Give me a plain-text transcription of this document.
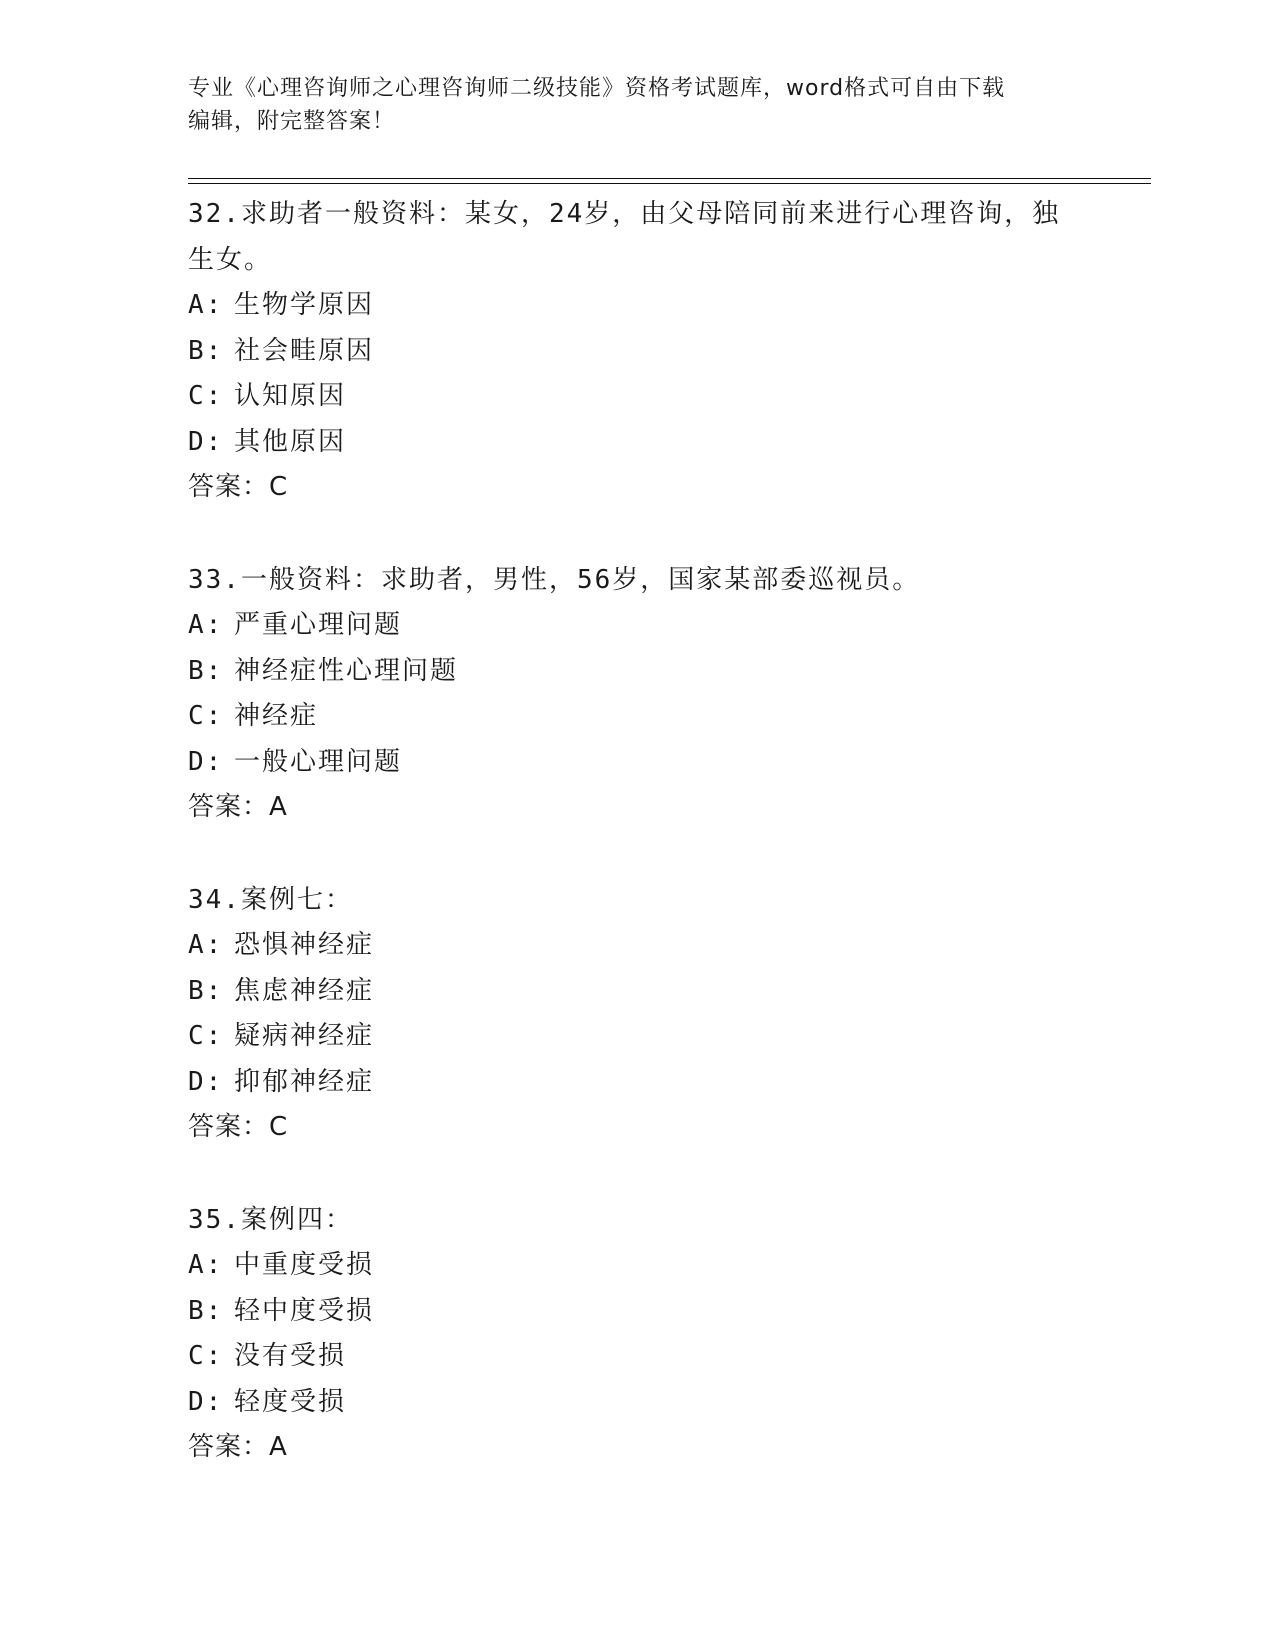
专业《心理咨询师之心理咨询师二级技能》资格考试题库，word格式可自由下载
编辑，附完整答案！
32.求助者一般资料：某女，24岁，由父母陪同前来进行心理咨询，独
生女。
A: 生物学原因
B: 社会畦原因
C: 认知原因
D: 其他原因
答案：C
33.一般资料：求助者，男性，56岁，国家某部委巡视员。
A: 严重心理问题
B: 神经症性心理问题
C: 神经症
D: 一般心理问题
答案：A
34.案例七：
A: 恐惧神经症
B: 焦虑神经症
C: 疑病神经症
D: 抑郁神经症
答案：C
35.案例四：
A: 中重度受损
B: 轻中度受损
C: 没有受损
D: 轻度受损
答案：A
